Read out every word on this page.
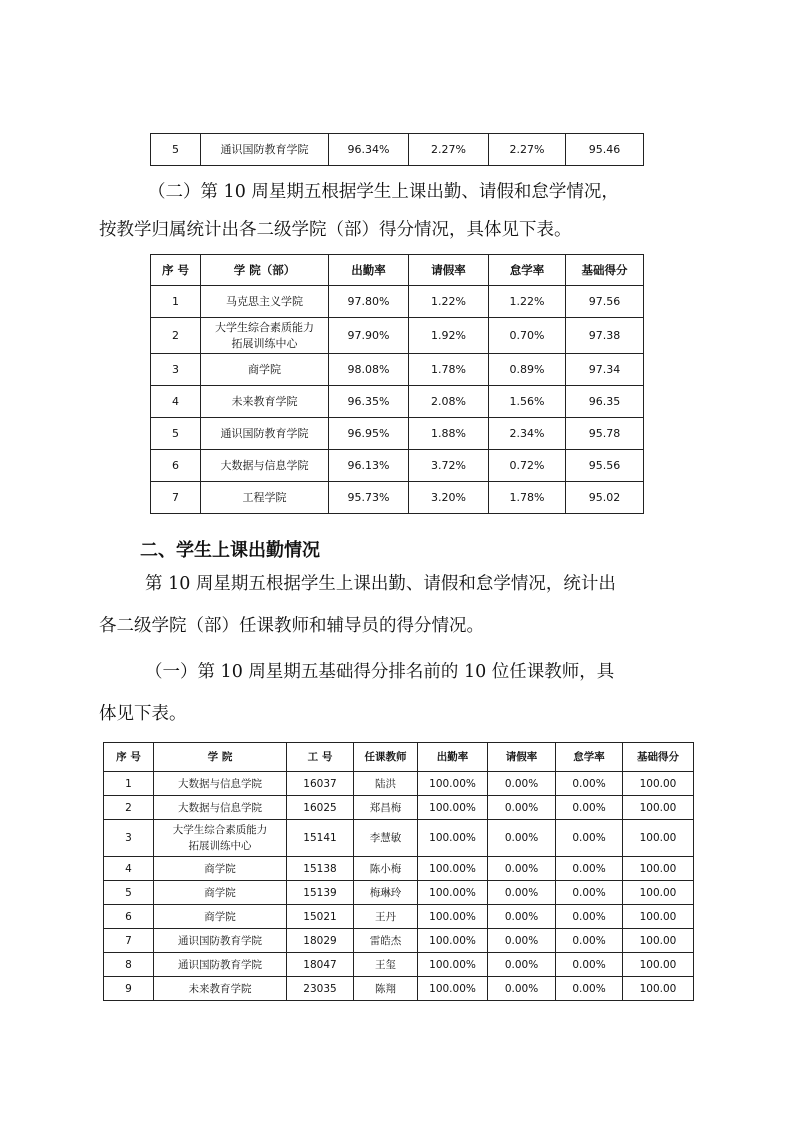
5	通识国防教育学院	96.34%	2.27%	2.27%	95.46
（二）第 10 周星期五根据学生上课出勤、请假和怠学情况，
按教学归属统计出各二级学院（部）得分情况，具体见下表。
序 号	学 院（部）	出勤率	请假率	怠学率	基础得分
1	马克思主义学院	97.80%	1.22%	1.22%	97.56
2	大学生综合素质能力
拓展训练中心	97.90%	1.92%	0.70%	97.38
3	商学院	98.08%	1.78%	0.89%	97.34
4	未来教育学院	96.35%	2.08%	1.56%	96.35
5	通识国防教育学院	96.95%	1.88%	2.34%	95.78
6	大数据与信息学院	96.13%	3.72%	0.72%	95.56
7	工程学院	95.73%	3.20%	1.78%	95.02
二、学生上课出勤情况
第 10 周星期五根据学生上课出勤、请假和怠学情况，统计出
各二级学院（部）任课教师和辅导员的得分情况。
（一）第 10 周星期五基础得分排名前的 10 位任课教师，具
体见下表。
序 号	学 院	工 号	任课教师	出勤率	请假率	怠学率	基础得分
1	大数据与信息学院	16037	陆洪	100.00%	0.00%	0.00%	100.00
2	大数据与信息学院	16025	郑昌梅	100.00%	0.00%	0.00%	100.00
3	大学生综合素质能力
拓展训练中心	15141	李慧敏	100.00%	0.00%	0.00%	100.00
4	商学院	15138	陈小梅	100.00%	0.00%	0.00%	100.00
5	商学院	15139	梅琳玲	100.00%	0.00%	0.00%	100.00
6	商学院	15021	王丹	100.00%	0.00%	0.00%	100.00
7	通识国防教育学院	18029	雷皓杰	100.00%	0.00%	0.00%	100.00
8	通识国防教育学院	18047	王玺	100.00%	0.00%	0.00%	100.00
9	未来教育学院	23035	陈翔	100.00%	0.00%	0.00%	100.00
